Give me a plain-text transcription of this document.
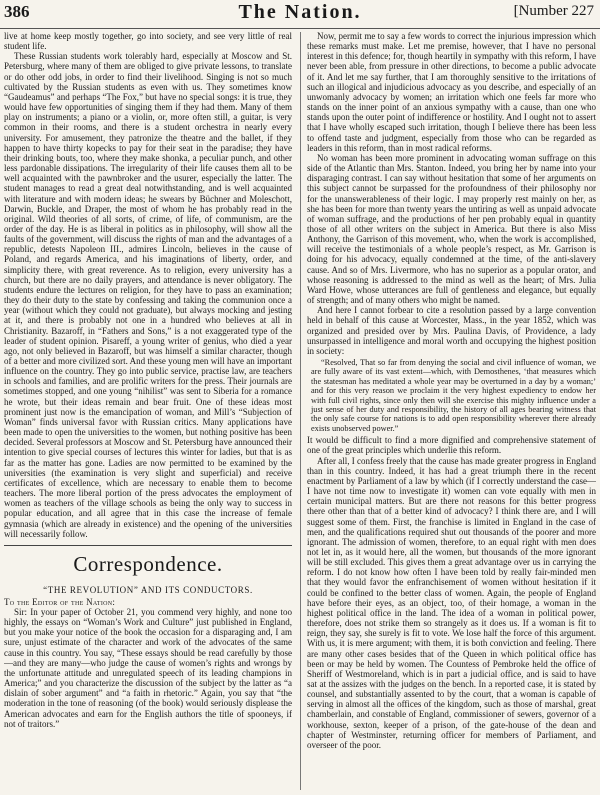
386	The Nation.	[Number 227

live at home keep mostly together, go into society, and see very little of real student life.

These Russian students work tolerably hard, especially at Moscow and St. Petersburg, where many of them are obliged to give private lessons, to translate or do other odd jobs, in order to find their livelihood. Singing is not so much cultivated by the Russian students as even with us. They sometimes know “Gaudeamus” and perhaps “The Fox,” but have no special songs: it is true, they would have few opportunities of singing them if they had them. Many of them play on instruments; a piano or a violin, or, more often still, a guitar, is very common in their rooms, and there is a student orchestra in nearly every university. For amusement, they patronize the theatre and the ballet, if they happen to have thirty kopecks to pay for their seat in the paradise; they have their drinking bouts, too, where they make shonka, a peculiar punch, and other less pardonable dissipations. The irregularity of their life causes them all to be well acquainted with the pawnbroker and the usurer, especially the latter. The student manages to read a great deal notwithstanding, and is well acquainted with literature and with modern ideas; he swears by Büchner and Moleschott, Darwin, Buckle, and Draper, the most of whom he has probably read in the original. Wild theories of all sorts, of crime, of life, of communism, are the order of the day. He is as liberal in politics as in philosophy, will show all the faults of the government, will discuss the rights of man and the advantages of a republic, detests Napoleon III., admires Lincoln, believes in the cause of Poland, and regards America, and his imaginations of liberty, order, and simplicity there, with great reverence. As to religion, every university has a church, but there are no daily prayers, and attendance is never obligatory. The students endure the lectures on religion, for they have to pass an examination; they do their duty to the state by confessing and taking the communion once a year (without which they could not graduate), but always mocking and jesting at it, and there is probably not one in a hundred who believes at all in Christianity. Bazaroff, in “Fathers and Sons,” is a not exaggerated type of the leader of student opinion. Pisareff, a young writer of genius, who died a year ago, not only believed in Bazaroff, but was himself a similar character, though of a better and more civilized sort. And these young men will have an important influence on the country. They go into public service, practise law, are teachers in schools and families, and are prolific writers for the press. Their journals are sometimes stopped, and one young “nihilist” was sent to Siberia for a romance he wrote, but their ideas remain and bear fruit. One of these ideas most prominent just now is the emancipation of woman, and Mill’s “Subjection of Woman” finds universal favor with Russian critics. Many applications have been made to open the universities to the women, but nothing positive has been decided. Several professors at Moscow and St. Petersburg have announced their intention to give special courses of lectures this winter for ladies, but that is as far as the matter has gone. Ladies are now permitted to be examined by the universities (the examination is very slight and superficial) and receive certificates of excellence, which are necessary to enable them to become teachers. The more liberal portion of the press advocates the employment of women as teachers of the village schools as being the only way to success in popular education, and all agree that in this case the increase of female gymnasia (which are already in existence) and the opening of the universities will necessarily follow.

Correspondence.
“THE REVOLUTION” AND ITS CONDUCTORS.

To the Editor of the Nation:

Sir: In your paper of October 21, you commend very highly, and none too highly, the essays on “Woman’s Work and Culture” just published in England, but you make your notice of the book the occasion for a disparaging and, I am sure, unjust estimate of the character and work of the advocates of the same cause in this country. You say, “These essays should be read carefully by those—and they are many—who judge the cause of women’s rights and wrongs by the unfortunate attitude and unregulated speech of its leading champions in America;” and you characterize the discussion of the subject by the latter as “a dislain of sober argument” and “a faith in rhetoric.” Again, you say that “the moderation in the tone of reasoning (of the book) would seriously displease the American advocates and earn for the English authors the title of spooneys, if not of traitors.”

Now, permit me to say a few words to correct the injurious impression which these remarks must make. Let me premise, however, that I have no personal interest in this defence; for, though heartily in sympathy with this reform, I have never been able, from pressure in other directions, to become a public advocate of it. And let me say further, that I am thoroughly sensitive to the irritations of such an illogical and injudicious advocacy as you describe, and especially of an unwomanly advocacy by women; an irritation which one feels far more who stands on the inner point of an anxious sympathy with a cause, than one who stands upon the outer point of indifference or hostility. And I ought not to assert that I have wholly escaped such irritation, though I believe there has been less to offend taste and judgment, especially from those who can be regarded as leaders in this reform, than in most radical reforms.

No woman has been more prominent in advocating woman suffrage on this side of the Atlantic than Mrs. Stanton. Indeed, you bring her by name into your disparaging contrast. I can say without hesitation that some of her arguments on this subject cannot be surpassed for the profoundness of their philosophy nor for the unanswerableness of their logic. I may properly rest mainly on her, as she has been for more than twenty years the untiring as well as unpaid advocate of woman suffrage, and the productions of her pen probably equal in quantity those of all other writers on the subject in America. But there is also Miss Anthony, the Garrison of this movement, who, when the work is accomplished, will receive the testimonials of a whole people’s respect, as Mr. Garrison is doing for his advocacy, equally condemned at the time, of the anti-slavery cause. And so of Mrs. Livermore, who has no superior as a popular orator, and whose reasoning is addressed to the mind as well as the heart; of Mrs. Julia Ward Howe, whose utterances are full of gentleness and elegance, but equally of strength; and of many others who might be named.

And here I cannot forbear to cite a resolution passed by a large convention held in behalf of this cause at Worcester, Mass., in the year 1852, which was organized and presided over by Mrs. Paulina Davis, of Providence, a lady unsurpassed in intelligence and moral worth and occupying the highest position in society:

“Resolved, That so far from denying the social and civil influence of woman, we are fully aware of its vast extent—which, with Demosthenes, ‘that measures which the statesman has meditated a whole year may be overturned in a day by a woman;’ and for this very reason we proclaim it the very highest expediency to endow her with full civil rights, since only then will she exercise this mighty influence under a just sense of her duty and responsibility, the history of all ages bearing witness that the only safe course for nations is to add open responsibility wherever there already exists unobserved power.”

It would be difficult to find a more dignified and comprehensive statement of one of the great principles which underlie this reform.

After all, I confess freely that the cause has made greater progress in England than in this country. Indeed, it has had a great triumph there in the recent enactment by Parliament of a law by which (if I correctly understand the case—I have not time now to investigate it) women can vote equally with men in certain municipal matters. But are there not reasons for this better progress there other than that of a better kind of advocacy? I think there are, and I will suggest some of them. First, the franchise is limited in England in the case of men, and the qualifications required shut out thousands of the poorer and more ignorant. The admission of women, therefore, to an equal right with men does not let in, as it would here, all the women, but thousands of the more ignorant will be still excluded. This gives them a great advantage over us in carrying the reform. I do not know how often I have been told by really fair-minded men that they would favor the enfranchisement of women without hesitation if it could be confined to the better class of women. Again, the people of England have before their eyes, as an object, too, of their homage, a woman in the highest political office in the land. The idea of a woman in political power, therefore, does not strike them so strangely as it does us. If a woman is fit to reign, they say, she surely is fit to vote. We lose half the force of this argument. With us, it is mere argument; with them, it is both conviction and feeling. There are many other cases besides that of the Queen in which political office has been or may be held by women. The Countess of Pembroke held the office of Sheriff of Westmoreland, which is in part a judicial office, and is said to have sat at the assizes with the judges on the bench. In a reported case, it is stated by counsel, and substantially assented to by the court, that a woman is capable of serving in almost all the offices of the kingdom, such as those of marshal, great chamberlain, and constable of England, commissioner of sewers, governor of a workhouse, sexton, keeper of a prison, of the gate-house of the dean and chapter of Westminster, returning officer for members of Parliament, and overseer of the poor.
